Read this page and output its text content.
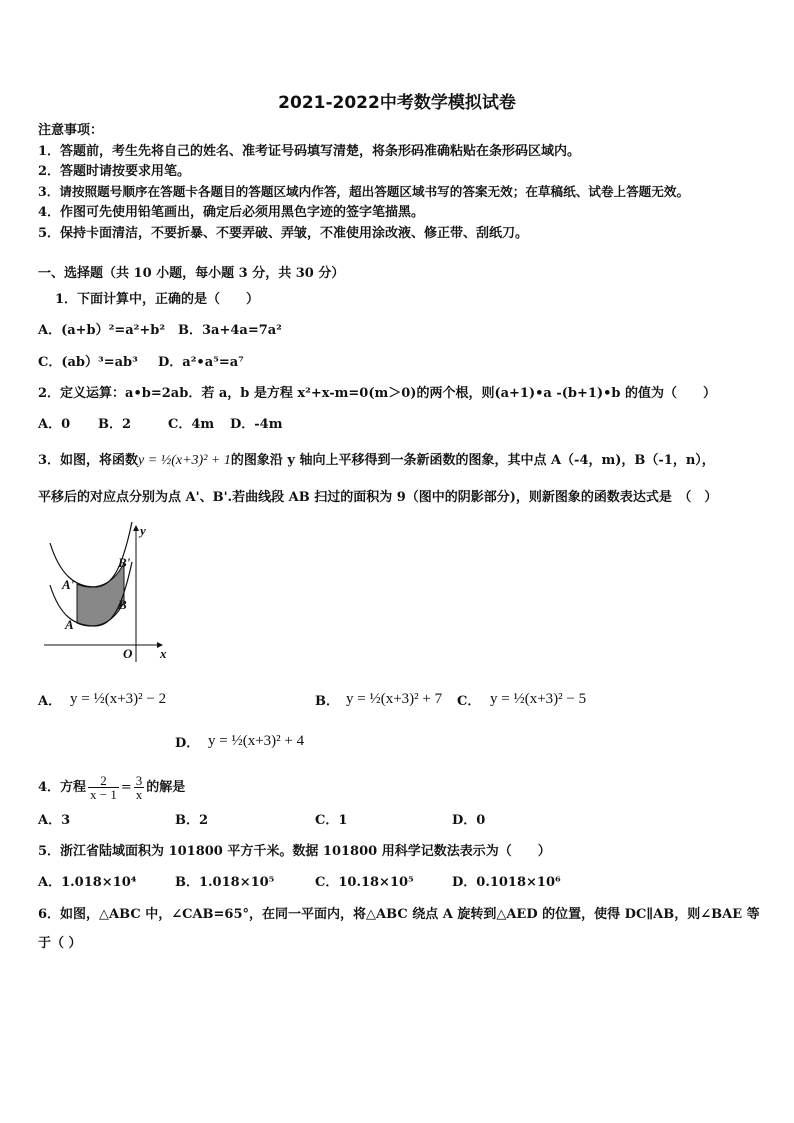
2021-2022中考数学模拟试卷
注意事项：
1．答题前，考生先将自己的姓名、准考证号码填写清楚，将条形码准确粘贴在条形码区域内。
2．答题时请按要求用笔。
3．请按照题号顺序在答题卡各题目的答题区域内作答，超出答题区域书写的答案无效；在草稿纸、试卷上答题无效。
4．作图可先使用铅笔画出，确定后必须用黑色字迹的签字笔描黑。
5．保持卡面清洁，不要折暴、不要弄破、弄皱，不准使用涂改液、修正带、刮纸刀。
一、选择题（共 10 小题，每小题 3 分，共 30 分）
1．下面计算中，正确的是（　　）
A．(a+b）²=a²+b² B．3a+4a=7a²
C．(ab）³=ab³ D．a²•a⁵=a⁷
2．定义运算：a•b=2ab．若 a，b 是方程 x²+x-m=0(m＞0)的两个根，则(a+1)•a -(b+1)•b 的值为（　　）
A．0 B．2	C．4m D．-4m
3．如图，将函数y = ½(x+3)² + 1的图象沿 y 轴向上平移得到一条新函数的图象，其中点 A（-4，m)，B（-1，n），
平移后的对应点分别为点 A'、B'.若曲线段 AB 扫过的面积为 9（图中的阴影部分)，则新图象的函数表达式是　（　）
y
x
O
A
B
A'
B'
A． y = ½(x+3)² − 2	B． y = ½(x+3)² + 7 C． y = ½(x+3)² − 5
D． y = ½(x+3)² + 4
4．方程 $\frac{2}{x - 1} = \frac{3}{x}$ 的解是
A．3	B．2	C．1	D．0
5．浙江省陆域面积为 101800 平方千米。数据 101800 用科学记数法表示为（　　）
A．1.018×10⁴	B．1.018×10⁵	C．10.18×10⁵	D．0.1018×10⁶
6．如图，△ABC 中，∠CAB=65°，在同一平面内，将△ABC 绕点 A 旋转到△AED 的位置，使得 DC∥AB，则∠BAE 等
于（ ）
